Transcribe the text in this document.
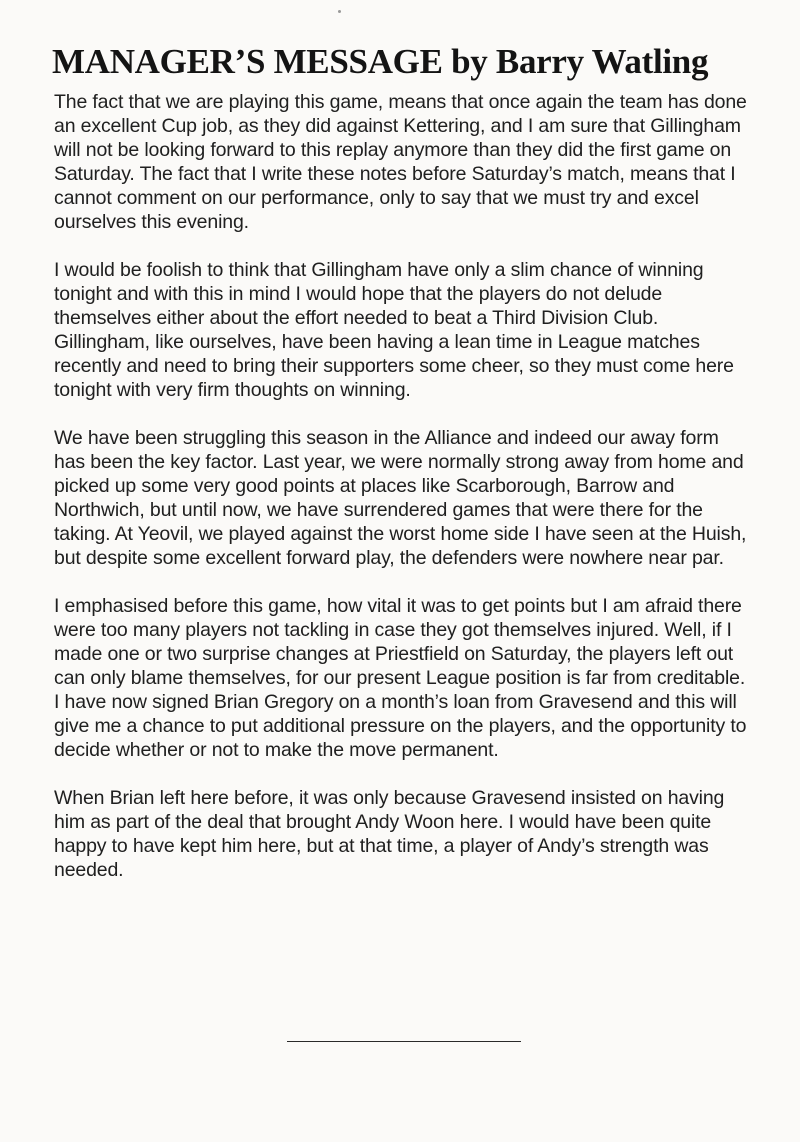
MANAGER’S MESSAGE by Barry Watling

The fact that we are playing this game, means that once again the team has done an excellent Cup job, as they did against Kettering, and I am sure that Gillingham will not be looking forward to this replay anymore than they did the first game on Saturday. The fact that I write these notes before Saturday’s match, means that I cannot comment on our performance, only to say that we must try and excel ourselves this evening.

I would be foolish to think that Gillingham have only a slim chance of winning tonight and with this in mind I would hope that the players do not delude themselves either about the effort needed to beat a Third Division Club. Gillingham, like ourselves, have been having a lean time in League matches recently and need to bring their supporters some cheer, so they must come here tonight with very firm thoughts on winning.

We have been struggling this season in the Alliance and indeed our away form has been the key factor. Last year, we were normally strong away from home and picked up some very good points at places like Scarborough, Barrow and Northwich, but until now, we have surrendered games that were there for the taking. At Yeovil, we played against the worst home side I have seen at the Huish, but despite some excellent forward play, the defenders were nowhere near par.

I emphasised before this game, how vital it was to get points but I am afraid there were too many players not tackling in case they got themselves injured. Well, if I made one or two surprise changes at Priestfield on Saturday, the players left out can only blame themselves, for our present League position is far from creditable. I have now signed Brian Gregory on a month’s loan from Gravesend and this will give me a chance to put additional pressure on the players, and the opportunity to decide whether or not to make the move permanent.

When Brian left here before, it was only because Gravesend insisted on having him as part of the deal that brought Andy Woon here. I would have been quite happy to have kept him here, but at that time, a player of Andy’s strength was needed.
